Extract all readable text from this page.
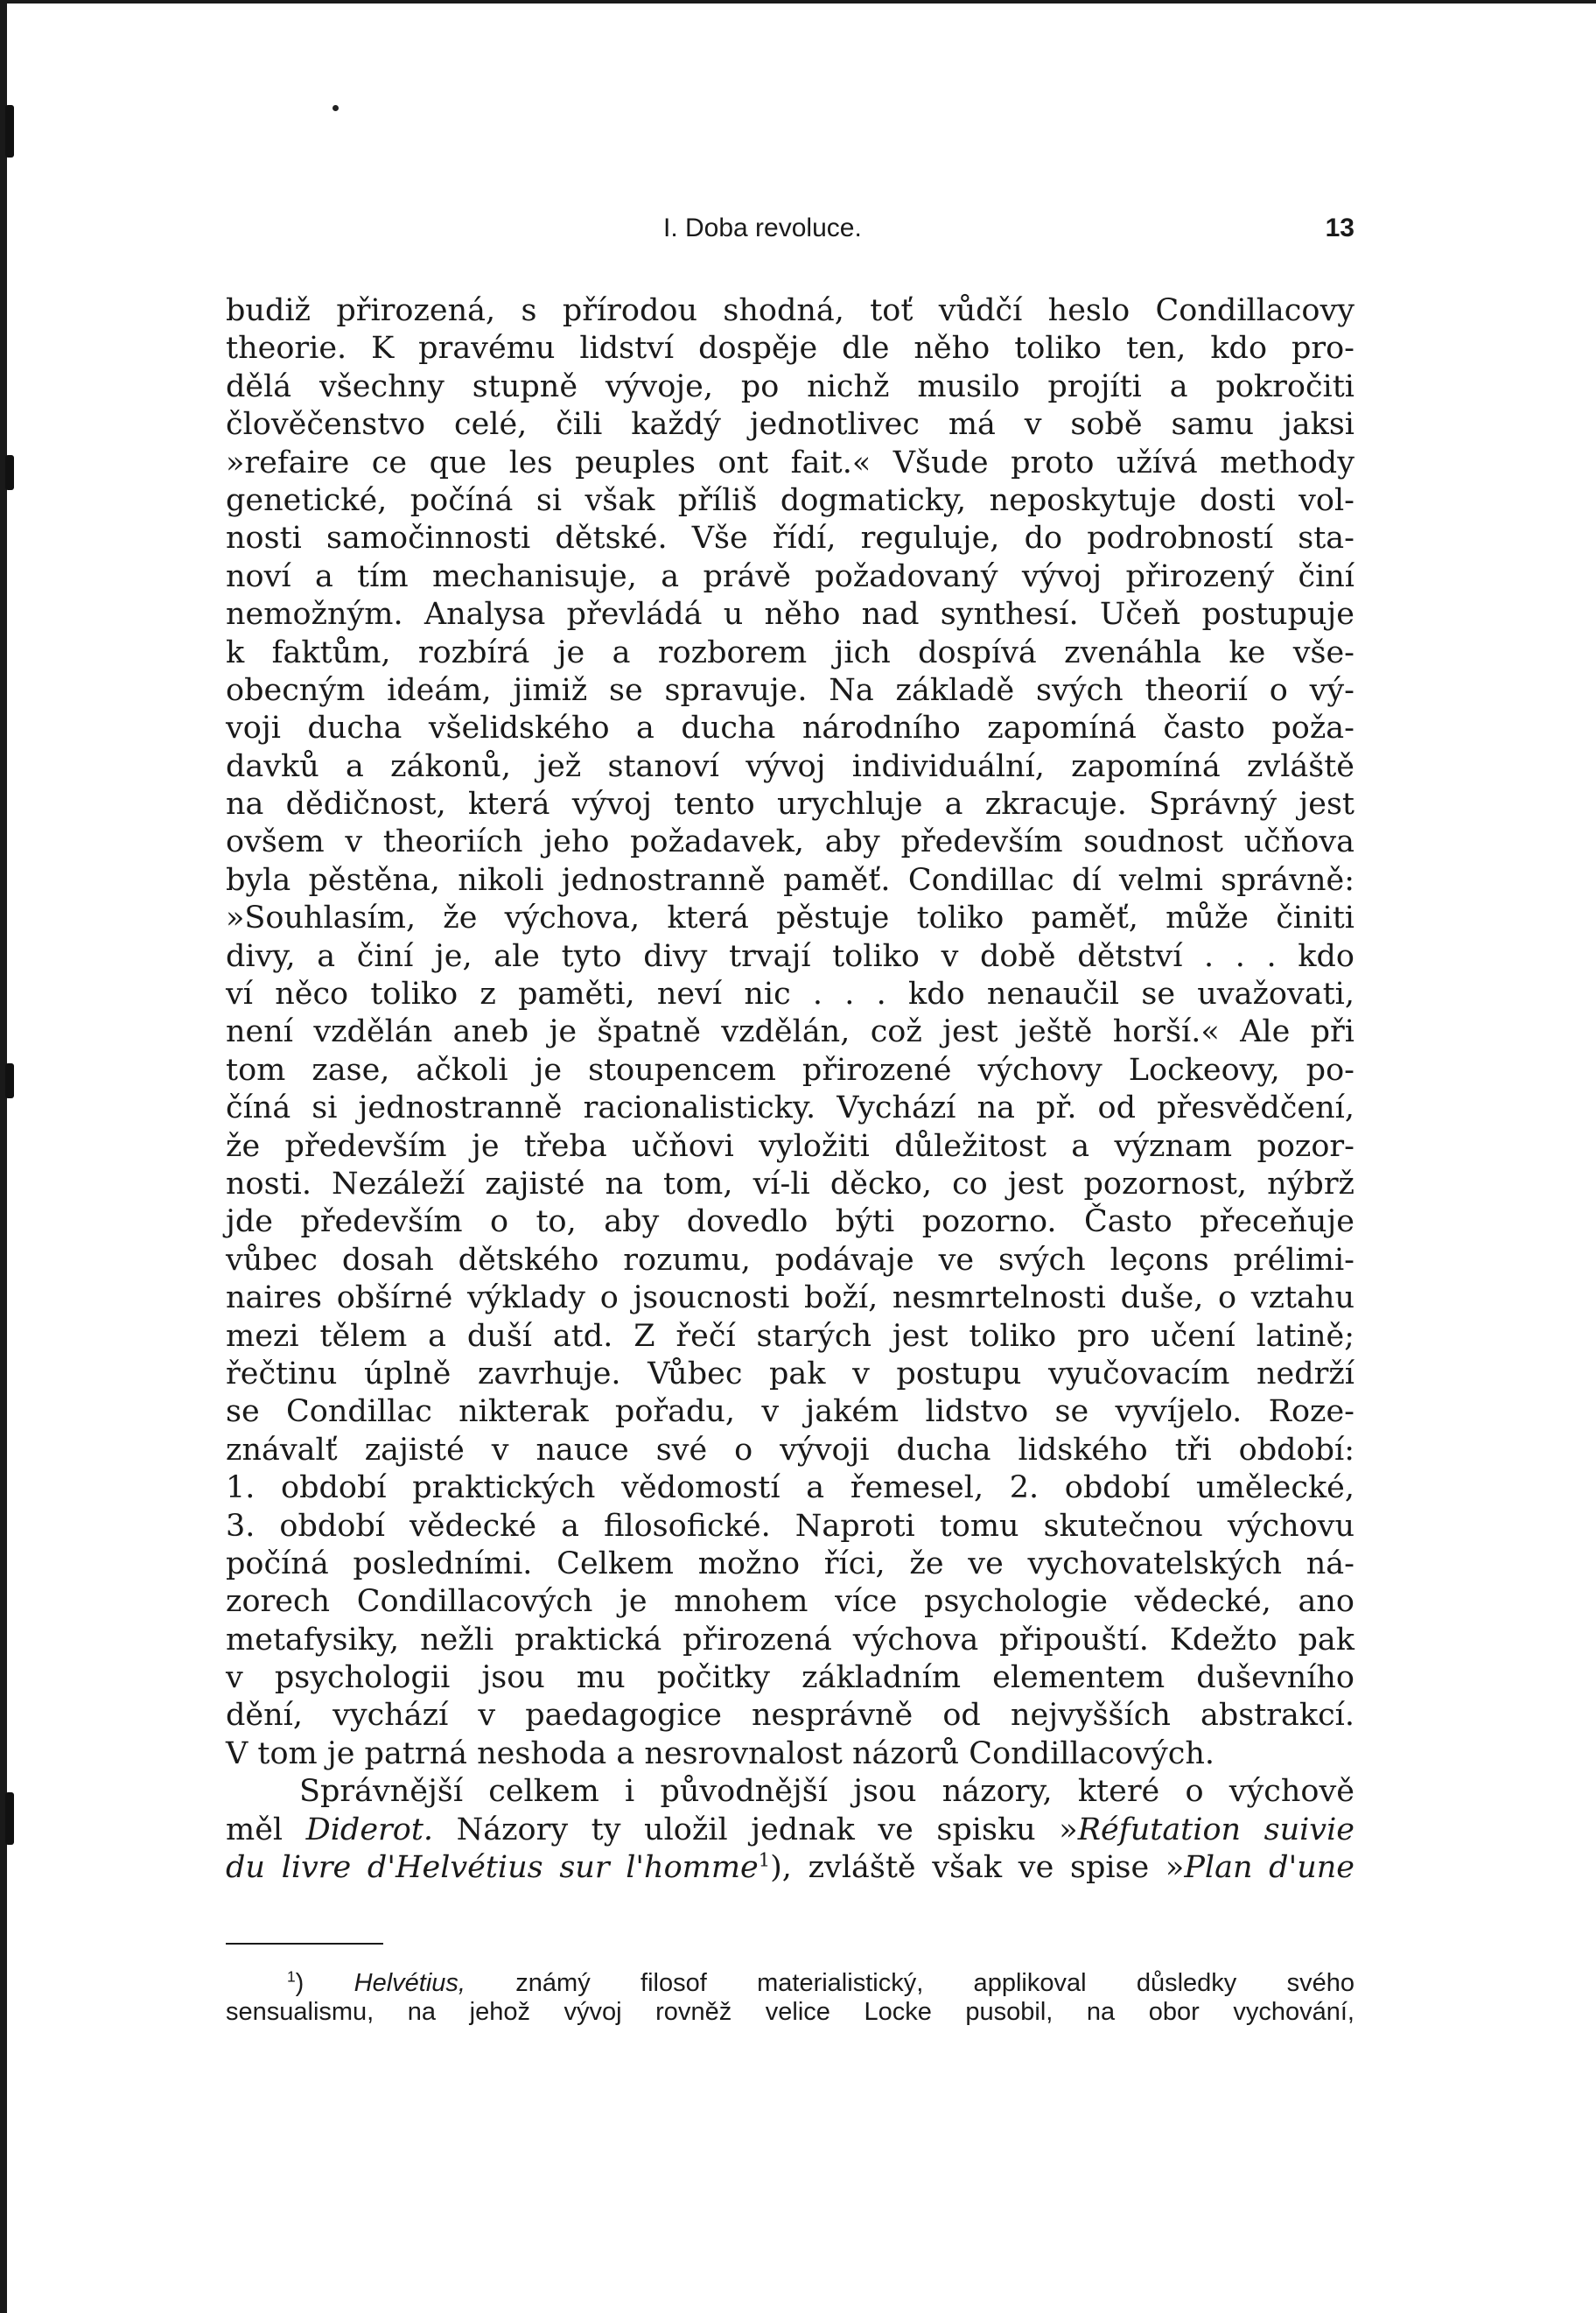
I. Doba revoluce.	13
budiž přirozená, s přírodou shodná, toť vůdčí heslo Condillacovy
theorie. K pravému lidství dospěje dle něho toliko ten, kdo pro-
dělá všechny stupně vývoje, po nichž musilo projíti a pokročiti
člověčenstvo celé, čili každý jednotlivec má v sobě samu jaksi
»refaire ce que les peuples ont fait.« Všude proto užívá methody
genetické, počíná si však příliš dogmaticky, neposkytuje dosti vol-
nosti samočinnosti dětské. Vše řídí, reguluje, do podrobností sta-
noví a tím mechanisuje, a právě požadovaný vývoj přirozený činí
nemožným. Analysa převládá u něho nad synthesí. Učeň postupuje
k faktům, rozbírá je a rozborem jich dospívá zvenáhla ke vše-
obecným ideám, jimiž se spravuje. Na základě svých theorií o vý-
voji ducha všelidského a ducha národního zapomíná často poža-
davků a zákonů, jež stanoví vývoj individuální, zapomíná zvláště
na dědičnost, která vývoj tento urychluje a zkracuje. Správný jest
ovšem v theoriích jeho požadavek, aby především soudnost učňova
byla pěstěna, nikoli jednostranně paměť. Condillac dí velmi správně:
»Souhlasím, že výchova, která pěstuje toliko paměť, může činiti
divy, a činí je, ale tyto divy trvají toliko v době dětství . . . kdo
ví něco toliko z paměti, neví nic . . . kdo nenaučil se uvažovati,
není vzdělán aneb je špatně vzdělán, což jest ještě horší.« Ale při
tom zase, ačkoli je stoupencem přirozené výchovy Lockeovy, po-
číná si jednostranně racionalisticky. Vychází na př. od přesvědčení,
že především je třeba učňovi vyložiti důležitost a význam pozor-
nosti. Nezáleží zajisté na tom, ví-li děcko, co jest pozornost, nýbrž
jde především o to, aby dovedlo býti pozorno. Často přeceňuje
vůbec dosah dětského rozumu, podávaje ve svých leçons prélimi-
naires obšírné výklady o jsoucnosti boží, nesmrtelnosti duše, o vztahu
mezi tělem a duší atd. Z řečí starých jest toliko pro učení latině;
řečtinu úplně zavrhuje. Vůbec pak v postupu vyučovacím nedrží
se Condillac nikterak pořadu, v jakém lidstvo se vyvíjelo. Roze-
znávalť zajisté v nauce své o vývoji ducha lidského tři období:
1. období praktických vědomostí a řemesel, 2. období umělecké,
3. období vědecké a filosofické. Naproti tomu skutečnou výchovu
počíná posledními. Celkem možno říci, že ve vychovatelských ná-
zorech Condillacových je mnohem více psychologie vědecké, ano
metafysiky, nežli praktická přirozená výchova připouští. Kdežto pak
v psychologii jsou mu počitky základním elementem duševního
dění, vychází v paedagogice nesprávně od nejvyšších abstrakcí.
V tom je patrná neshoda a nesrovnalost názorů Condillacových.
Správnější celkem i původnější jsou názory, které o výchově
měl Diderot. Názory ty uložil jednak ve spisku »Réfutation suivie
du livre d'Helvétius sur l'homme$^1$), zvláště však ve spise »Plan d'une
$^1$) Helvétius, známý filosof materialistický, applikoval důsledky svého
sensualismu, na jehož vývoj rovněž velice Locke pusobil, na obor vychování,
